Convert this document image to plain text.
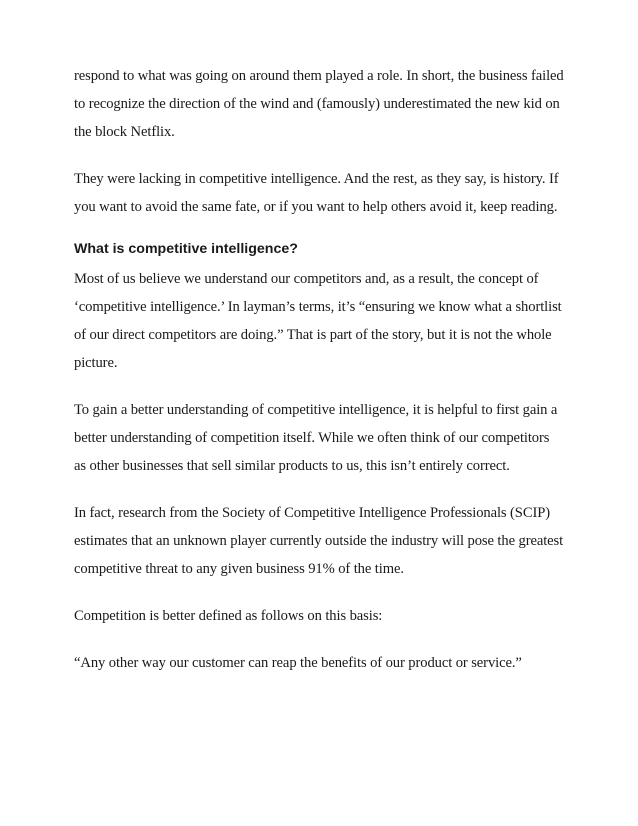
respond to what was going on around them played a role. In short, the business failed to recognize the direction of the wind and (famously) underestimated the new kid on the block Netflix.

They were lacking in competitive intelligence. And the rest, as they say, is history. If you want to avoid the same fate, or if you want to help others avoid it, keep reading.

What is competitive intelligence?

Most of us believe we understand our competitors and, as a result, the concept of ‘competitive intelligence.’ In layman’s terms, it’s “ensuring we know what a shortlist of our direct competitors are doing.” That is part of the story, but it is not the whole picture.

To gain a better understanding of competitive intelligence, it is helpful to first gain a better understanding of competition itself. While we often think of our competitors as other businesses that sell similar products to us, this isn’t entirely correct.

In fact, research from the Society of Competitive Intelligence Professionals (SCIP) estimates that an unknown player currently outside the industry will pose the greatest competitive threat to any given business 91% of the time.

Competition is better defined as follows on this basis:

“Any other way our customer can reap the benefits of our product or service.”
